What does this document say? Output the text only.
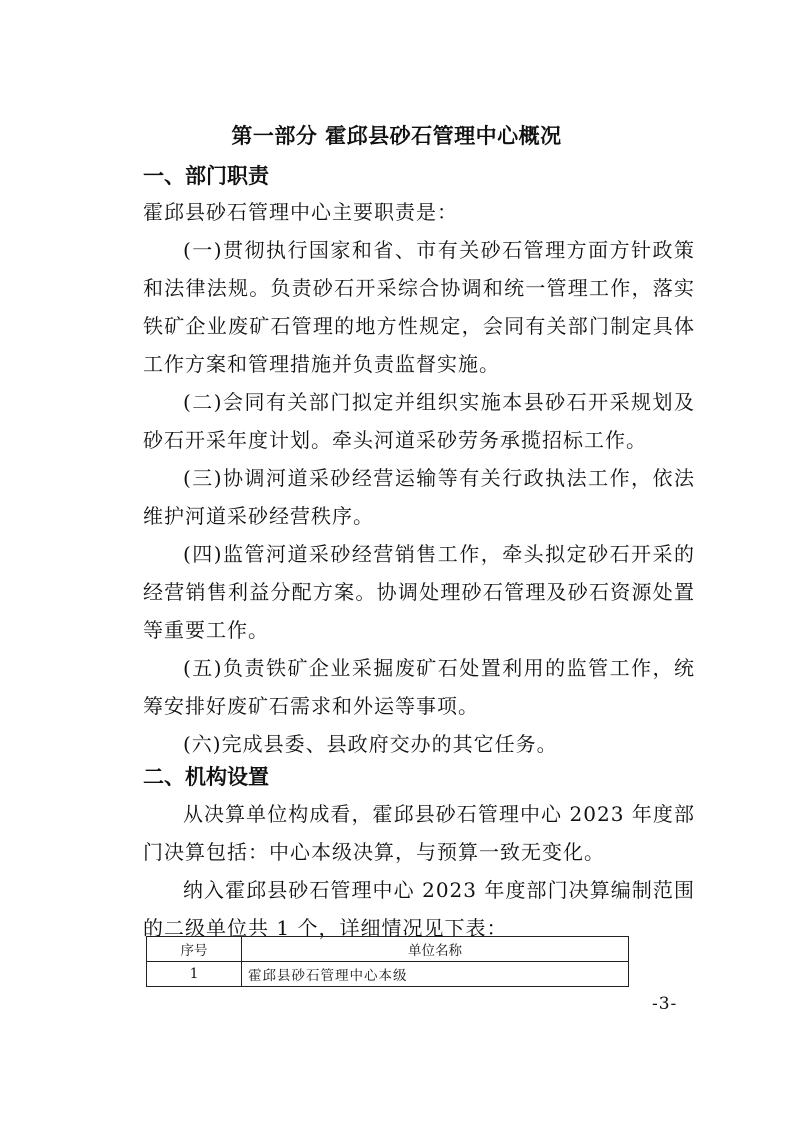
第一部分 霍邱县砂石管理中心概况
一、部门职责

霍邱县砂石管理中心主要职责是：

(一)贯彻执行国家和省、市有关砂石管理方面方针政策和法律法规。负责砂石开采综合协调和统一管理工作，落实铁矿企业废矿石管理的地方性规定，会同有关部门制定具体工作方案和管理措施并负责监督实施。

(二)会同有关部门拟定并组织实施本县砂石开采规划及砂石开采年度计划。牵头河道采砂劳务承揽招标工作。

(三)协调河道采砂经营运输等有关行政执法工作，依法维护河道采砂经营秩序。

(四)监管河道采砂经营销售工作，牵头拟定砂石开采的经营销售利益分配方案。协调处理砂石管理及砂石资源处置等重要工作。

(五)负责铁矿企业采掘废矿石处置利用的监管工作，统筹安排好废矿石需求和外运等事项。

(六)完成县委、县政府交办的其它任务。

二、机构设置

从决算单位构成看，霍邱县砂石管理中心 2023 年度部门决算包括：中心本级决算，与预算一致无变化。

纳入霍邱县砂石管理中心 2023 年度部门决算编制范围的二级单位共 1 个，详细情况见下表：

序号	单位名称
1	霍邱县砂石管理中心本级
-3-
